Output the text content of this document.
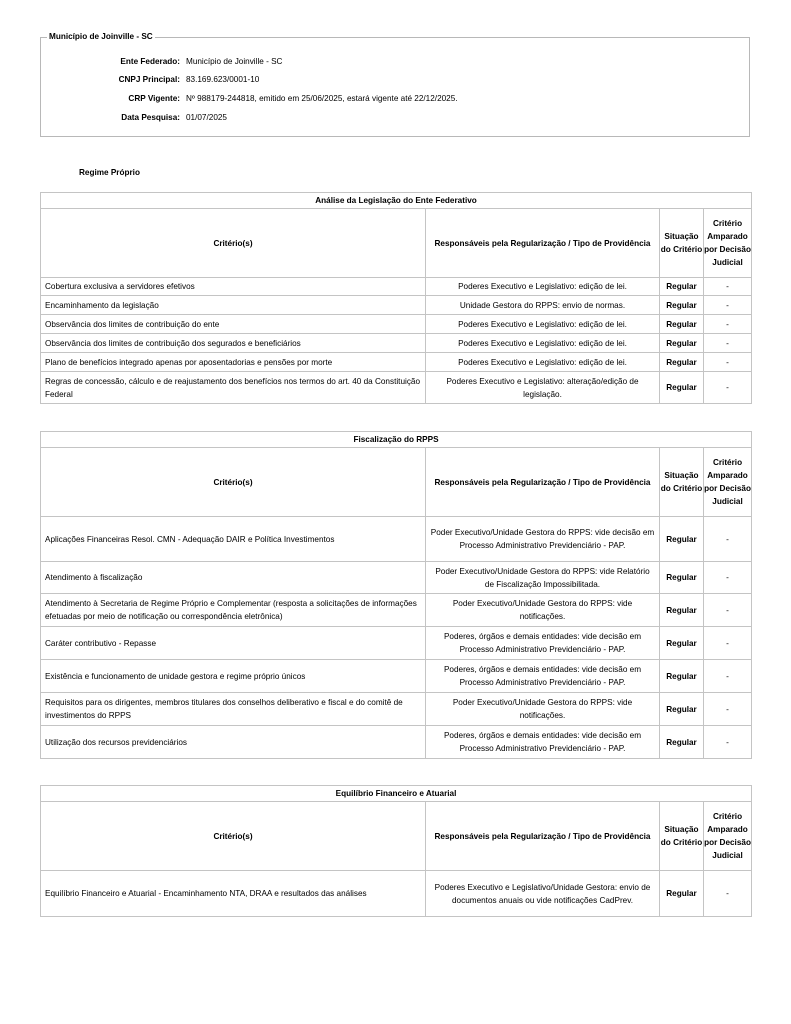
Município de Joinville - SC
Ente Federado: Município de Joinville - SC
CNPJ Principal: 83.169.623/0001-10
CRP Vigente: Nº 988179-244818, emitido em 25/06/2025, estará vigente até 22/12/2025.
Data Pesquisa: 01/07/2025
Regime Próprio
Análise da Legislação do Ente Federativo			
Critério(s)	Responsáveis pela Regularização / Tipo de Providência	Situação do Critério	Critério Amparado por Decisão Judicial
Cobertura exclusiva a servidores efetivos	Poderes Executivo e Legislativo: edição de lei.	Regular	-
Encaminhamento da legislação	Unidade Gestora do RPPS: envio de normas.	Regular	-
Observância dos limites de contribuição do ente	Poderes Executivo e Legislativo: edição de lei.	Regular	-
Observância dos limites de contribuição dos segurados e beneficiários	Poderes Executivo e Legislativo: edição de lei.	Regular	-
Plano de benefícios integrado apenas por aposentadorias e pensões por morte	Poderes Executivo e Legislativo: edição de lei.	Regular	-
Regras de concessão, cálculo e de reajustamento dos benefícios nos termos do art. 40 da Constituição Federal	Poderes Executivo e Legislativo: alteração/edição de legislação.	Regular	-
Fiscalização do RPPS			
Critério(s)	Responsáveis pela Regularização / Tipo de Providência	Situação do Critério	Critério Amparado por Decisão Judicial
Aplicações Financeiras Resol. CMN - Adequação DAIR e Política Investimentos	Poder Executivo/Unidade Gestora do RPPS: vide decisão em Processo Administrativo Previdenciário - PAP.	Regular	-
Atendimento à fiscalização	Poder Executivo/Unidade Gestora do RPPS: vide Relatório de Fiscalização Impossibilitada.	Regular	-
Atendimento à Secretaria de Regime Próprio e Complementar (resposta a solicitações de informações efetuadas por meio de notificação ou correspondência eletrônica)	Poder Executivo/Unidade Gestora do RPPS: vide notificações.	Regular	-
Caráter contributivo - Repasse	Poderes, órgãos e demais entidades: vide decisão em Processo Administrativo Previdenciário - PAP.	Regular	-
Existência e funcionamento de unidade gestora e regime próprio únicos	Poderes, órgãos e demais entidades: vide decisão em Processo Administrativo Previdenciário - PAP.	Regular	-
Requisitos para os dirigentes, membros titulares dos conselhos deliberativo e fiscal e do comitê de investimentos do RPPS	Poder Executivo/Unidade Gestora do RPPS: vide notificações.	Regular	-
Utilização dos recursos previdenciários	Poderes, órgãos e demais entidades: vide decisão em Processo Administrativo Previdenciário - PAP.	Regular	-
Equilíbrio Financeiro e Atuarial			
Critério(s)	Responsáveis pela Regularização / Tipo de Providência	Situação do Critério	Critério Amparado por Decisão Judicial
Equilíbrio Financeiro e Atuarial - Encaminhamento NTA, DRAA e resultados das análises	Poderes Executivo e Legislativo/Unidade Gestora: envio de documentos anuais ou vide notificações CadPrev.	Regular	-
